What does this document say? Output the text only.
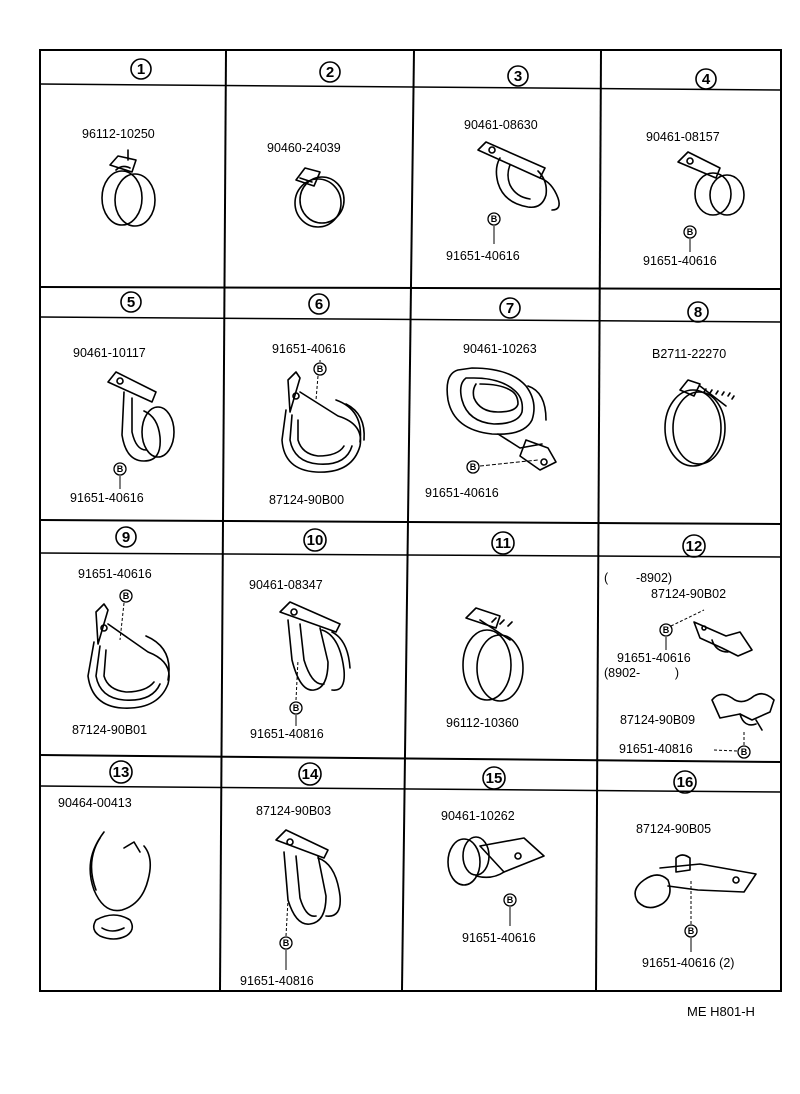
1	2	3	4
5	6	7	8
9	10	11	12
13	14	15	16
96112-10250
90460-24039
90461-08630
91651-40616
90461-08157
91651-40616
90461-10117
91651-40616
91651-40616
87124-90B00
90461-10263
91651-40616
B2711-22270
91651-40616
87124-90B01
90461-08347
91651-40816
96112-10360
(        -8902)
87124-90B02
91651-40616
(8902-          )
87124-90B09
91651-40816
90464-00413
87124-90B03
91651-40816
90461-10262
91651-40616
87124-90B05
91651-40616 (2)
B
B
B
B
B
B
B
B
B
B
B
B
ME H801-H
